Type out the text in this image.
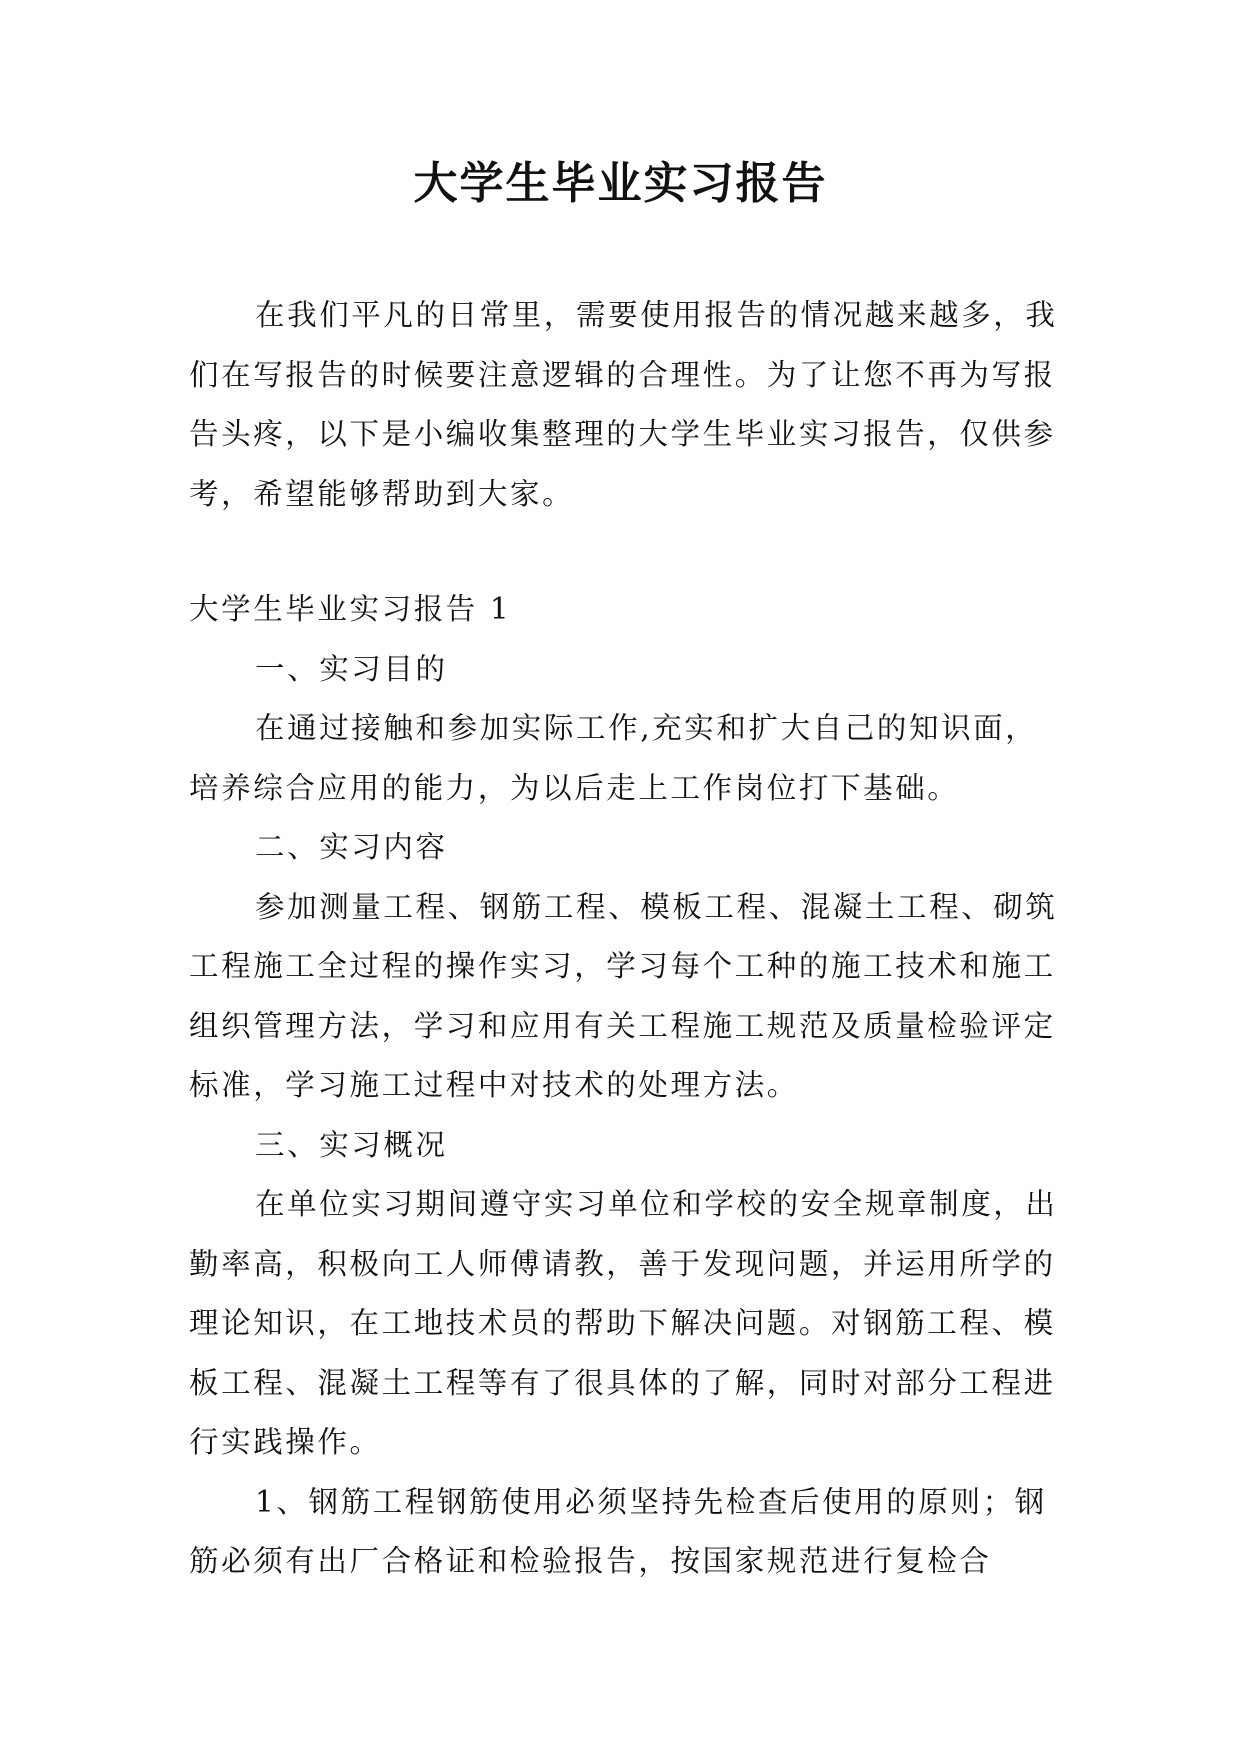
大学生毕业实习报告

在我们平凡的日常里，需要使用报告的情况越来越多，我们在写报告的时候要注意逻辑的合理性。为了让您不再为写报告头疼，以下是小编收集整理的大学生毕业实习报告，仅供参考，希望能够帮助到大家。

大学生毕业实习报告 1

一、实习目的

在通过接触和参加实际工作,充实和扩大自己的知识面，培养综合应用的能力，为以后走上工作岗位打下基础。

二、实习内容

参加测量工程、钢筋工程、模板工程、混凝土工程、砌筑工程施工全过程的操作实习，学习每个工种的施工技术和施工组织管理方法，学习和应用有关工程施工规范及质量检验评定标准，学习施工过程中对技术的处理方法。

三、实习概况

在单位实习期间遵守实习单位和学校的安全规章制度，出勤率高，积极向工人师傅请教，善于发现问题，并运用所学的理论知识，在工地技术员的帮助下解决问题。对钢筋工程、模板工程、混凝土工程等有了很具体的了解，同时对部分工程进行实践操作。

1、钢筋工程钢筋使用必须坚持先检查后使用的原则；钢筋必须有出厂合格证和检验报告，按国家规范进行复检合
